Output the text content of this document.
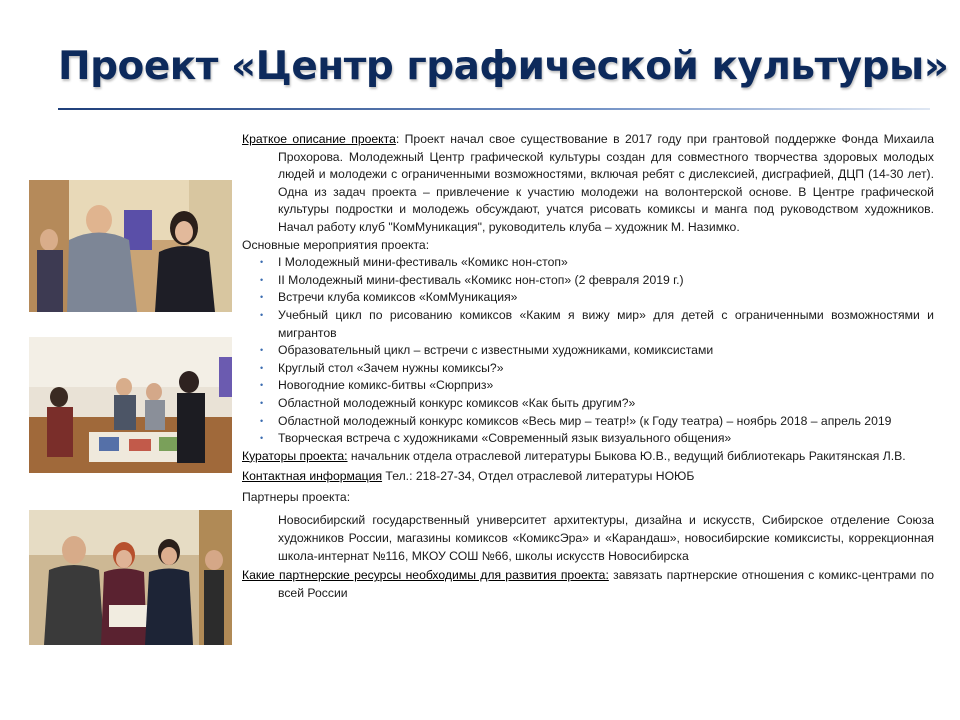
Проект «Центр графической культуры»

Краткое описание проекта: Проект начал свое существование в 2017 году при грантовой поддержке Фонда Михаила Прохорова. Молодежный Центр графической культуры создан для совместного творчества здоровых молодых людей и молодежи с ограниченными возможностями, включая ребят с дислексией, дисграфией, ДЦП (14-30 лет). Одна из задач проекта – привлечение к участию молодежи на волонтерской основе. В Центре графической культуры подростки и молодежь обсуждают, учатся рисовать комиксы и манга под руководством художников. Начал работу клуб "КомМуникация", руководитель клуба – художник М. Назимко.

Основные мероприятия проекта:

• I Молодежный мини-фестиваль «Комикс нон-стоп»
• II Молодежный мини-фестиваль «Комикс нон-стоп» (2 февраля 2019 г.)
• Встречи клуба комиксов «КомМуникация»
• Учебный цикл по рисованию комиксов «Каким я вижу мир» для детей с ограниченными возможностями и мигрантов
• Образовательный цикл – встречи с известными художниками, комиксистами
• Круглый стол «Зачем нужны комиксы?»
• Новогодние комикс-битвы «Сюрприз»
• Областной молодежный конкурс комиксов «Как быть другим?»
• Областной молодежный конкурс комиксов «Весь мир – театр!» (к Году театра) – ноябрь 2018 – апрель 2019
• Творческая встреча с художниками «Современный язык визуального общения»

Кураторы проекта: начальник отдела отраслевой литературы Быкова Ю.В., ведущий библиотекарь Ракитянская Л.В.

Контактная информация Тел.: 218-27-34, Отдел отраслевой литературы НОЮБ

Партнеры проекта:

Новосибирский государственный университет архитектуры, дизайна и искусств, Сибирское отделение Союза художников России, магазины комиксов «КомиксЭра» и «Карандаш», новосибирские комиксисты, коррекционная школа-интернат №116, МКОУ СОШ №66, школы искусств Новосибирска

Какие партнерские ресурсы необходимы для развития проекта: завязать партнерские отношения с комикс-центрами по всей России
